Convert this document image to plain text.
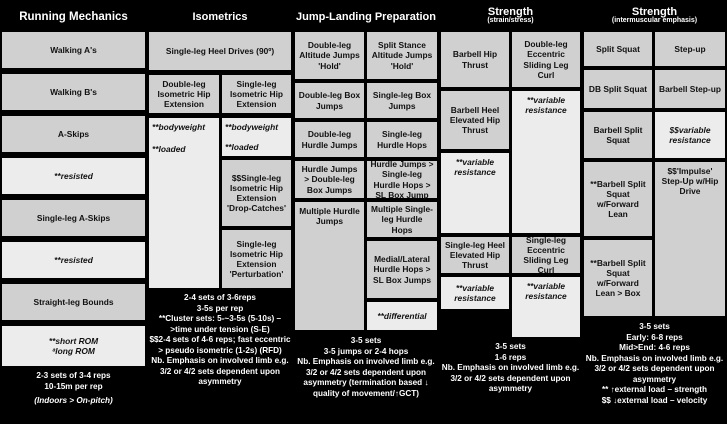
Running Mechanics
Walking A's
Walking B's
A-Skips
**resisted
Single-leg A-Skips
**resisted
Straight-leg Bounds
**short ROM
ªlong ROM
2-3 sets of 3-4 reps
10-15m per rep
(Indoors > On-pitch)
Isometrics
Single-leg Heel Drives (90º)
Double-leg Isometric Hip Extension
**bodyweight
**loaded
Single-leg Isometric Hip Extension
**bodyweight
**loaded
$$Single-leg Isometric Hip Extension 'Drop-Catches'
Single-leg Isometric Hip Extension 'Perturbation'
2-4 sets of 3-6reps
3-5s per rep
**Cluster sets: 5-~3-5s (5-10s) – >time under tension (S-E)
$$2-4 sets of 4-6 reps; fast eccentric > pseudo isometric (1-2s) (RFD)
Nb. Emphasis on involved limb e.g. 3/2 or 4/2 sets dependent upon asymmetry
Jump-Landing Preparation
Double-leg Altitude Jumps 'Hold'
Double-leg Box Jumps
Double-leg Hurdle Jumps
Hurdle Jumps > Double-leg Box Jumps
Multiple Hurdle Jumps
Split Stance Altitude Jumps 'Hold'
Single-leg Box Jumps
Single-leg Hurdle Hops
Hurdle Jumps > Single-leg Hurdle Hops > SL Box Jump
Multiple Single-leg Hurdle Hops
Medial/Lateral Hurdle Hops > SL Box Jumps
**differential
3-5 sets
3-5 jumps or 2-4 hops
Nb. Emphasis on involved limb e.g. 3/2 or 4/2 sets dependent upon asymmetry (termination based ↓ quality of movement/↑GCT)
Strength
(strain/stress)
Barbell Hip Thrust
Barbell Heel Elevated Hip Thrust
**variable resistance
Single-leg Heel Elevated Hip Thrust
**variable resistance
Double-leg Eccentric Sliding Leg Curl
**variable resistance
Single-leg Eccentric Sliding Leg Curl
**variable resistance
3-5 sets
1-6 reps
Nb. Emphasis on involved limb e.g. 3/2 or 4/2 sets dependent upon asymmetry
Strength
(intermuscular emphasis)
Split Squat
DB Split Squat
Barbell Split Squat
**Barbell Split Squat w/Forward Lean
**Barbell Split Squat w/Forward Lean > Box
Step-up
Barbell Step-up
$$variable resistance
$$'Impulse' Step-Up w/Hip Drive
3-5 sets
Early: 6-8 reps
Mid>End: 4-6 reps
Nb. Emphasis on involved limb e.g. 3/2 or 4/2 sets dependent upon asymmetry
** ↑external load – strength
$$ ↓external load – velocity
